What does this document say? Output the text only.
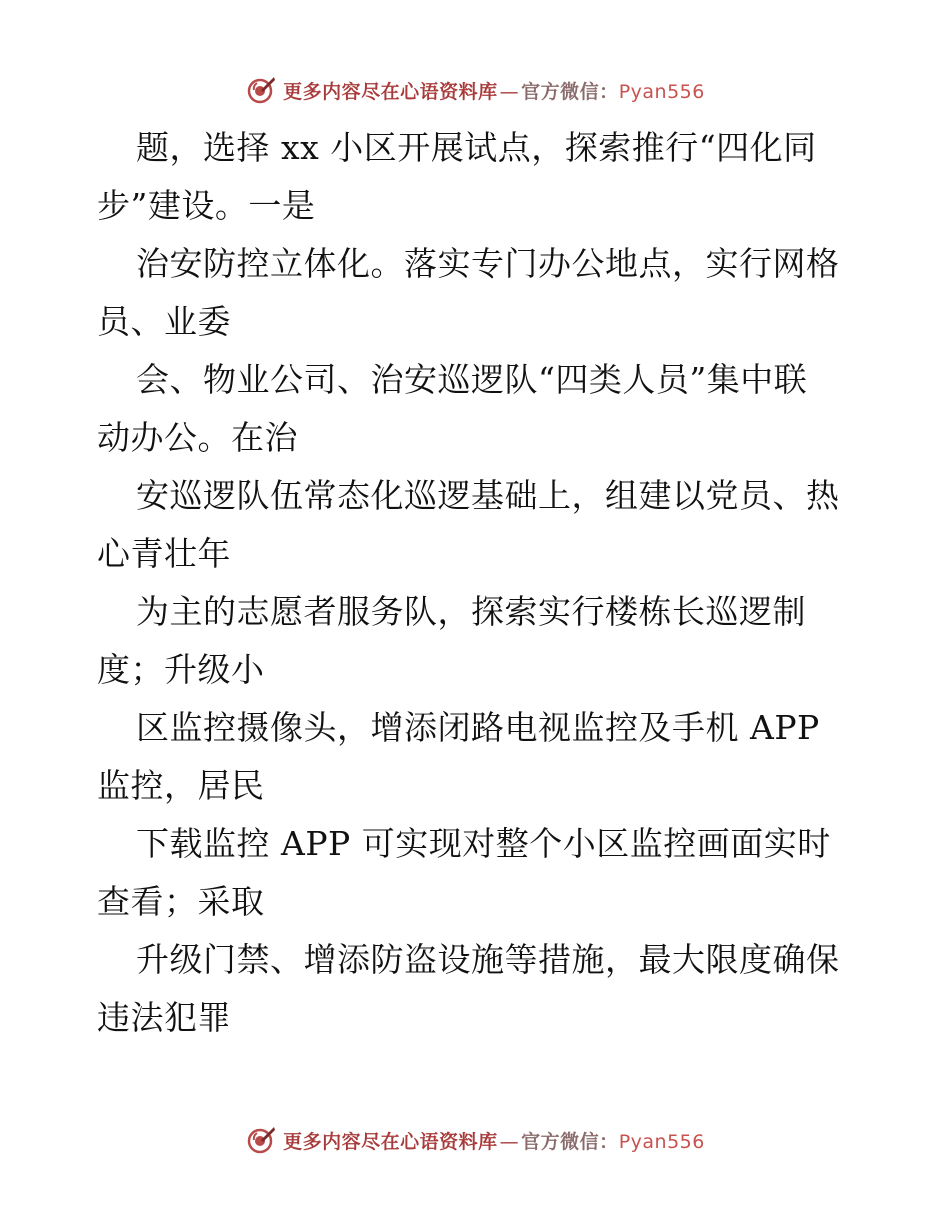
更多内容尽在心语资料库 — 官方微信：Pyan556
题，选择 xx 小区开展试点，探索推行“四化同
步”建设。一是
治安防控立体化。落实专门办公地点，实行网格
员、业委
会、物业公司、治安巡逻队“四类人员”集中联
动办公。在治
安巡逻队伍常态化巡逻基础上，组建以党员、热
心青壮年
为主的志愿者服务队，探索实行楼栋长巡逻制
度；升级小
区监控摄像头，增添闭路电视监控及手机 APP
监控，居民
下载监控 APP 可实现对整个小区监控画面实时
查看；采取
升级门禁、增添防盗设施等措施，最大限度确保
违法犯罪
更多内容尽在心语资料库 — 官方微信：Pyan556
